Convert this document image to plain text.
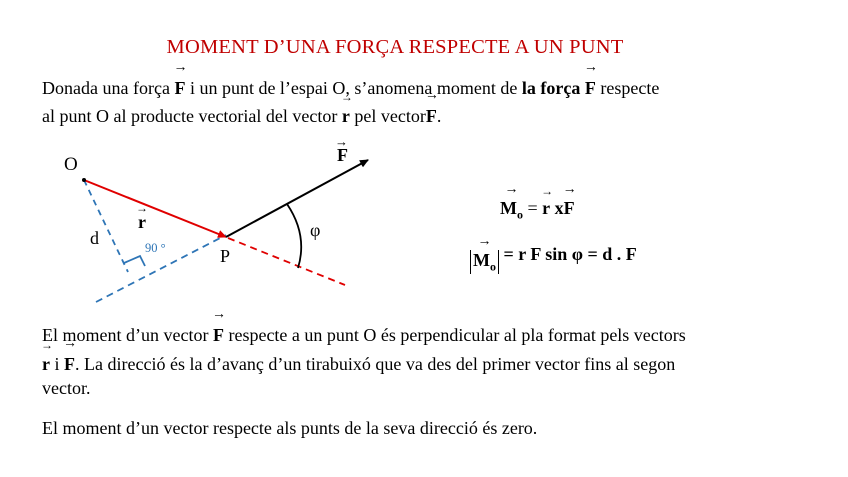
MOMENT D’UNA FORÇA RESPECTE A UN PUNT
Donada una força → F i un punt de l’espai O, s’anomena moment de la força → F respecte
al punt O al producte vectorial del vector → r pel vector→ F.
O
P
d
r
→
F
→
φ
90 °
→ $M_o$ = → r x→ F
→ $M_o = r$ F sin φ = d . F
El moment d’un vector → F respecte a un punt O és perpendicular al pla format pels vectors
→ r i → F. La direcció és la d’avanç d’un tirabuixó que va des del primer vector fins al segon
vector.
El moment d’un vector respecte als punts de la seva direcció és zero.
